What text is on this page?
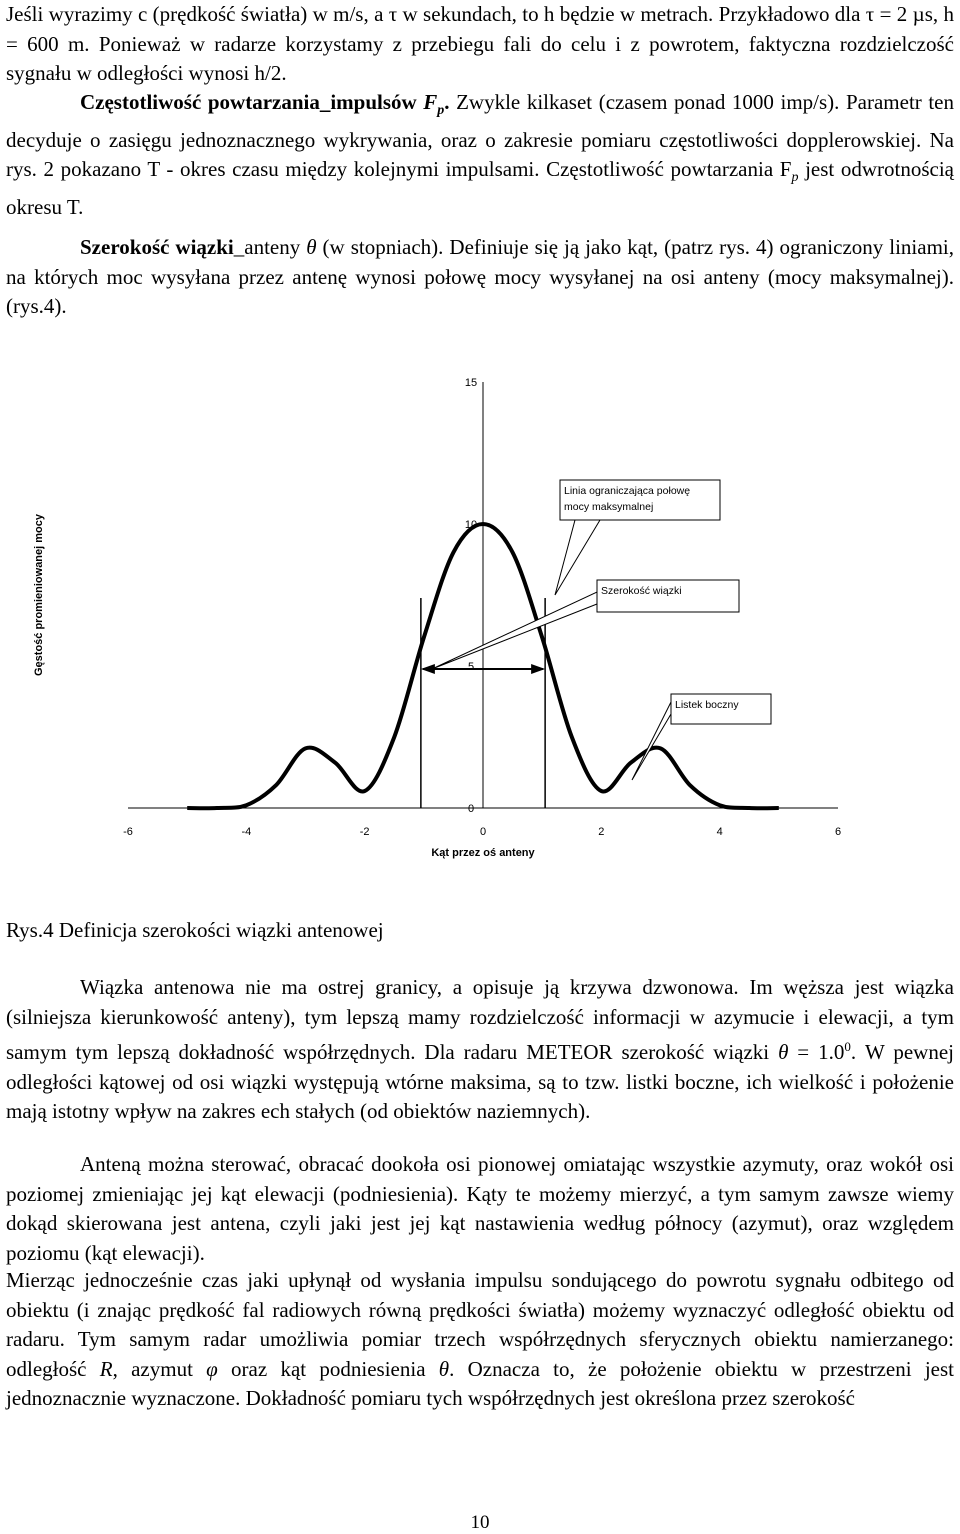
Jeśli wyrazimy c (prędkość światła) w m/s, a τ w sekundach, to h będzie w metrach. Przykładowo dla τ = 2 µs, h = 600 m. Ponieważ w radarze korzystamy z przebiegu fali do celu i z powrotem, faktyczna rozdzielczość sygnału w odległości wynosi h/2.
Częstotliwość powtarzania_impulsów $F_p$. Zwykle kilkaset (czasem ponad 1000 imp/s). Parametr ten decyduje o zasięgu jednoznacznego wykrywania, oraz o zakresie pomiaru częstotliwości dopplerowskiej. Na rys. 2 pokazano T - okres czasu między kolejnymi impulsami. Częstotliwość powtarzania $F_p$ jest odwrotnością okresu T.
Szerokość wiązki_anteny θ (w stopniach). Definiuje się ją jako kąt, (patrz rys. 4) ograniczony liniami, na których moc wysyłana przez antenę wynosi połowę mocy wysyłanej na osi anteny (mocy maksymalnej). (rys.4).
-6	-4	-2	0	2	4	6
0
5
10
15
Kąt przez oś anteny
Gęstość promieniowanej mocy
Linia ograniczająca połowę
mocy maksymalnej
Szerokość wiązki
Listek boczny
Rys.4 Definicja szerokości wiązki antenowej
Wiązka antenowa nie ma ostrej granicy, a opisuje ją krzywa dzwonowa. Im węższa jest wiązka (silniejsza kierunkowość anteny), tym lepszą mamy rozdzielczość informacji w azymucie i elewacji, a tym samym tym lepszą dokładność współrzędnych. Dla radaru METEOR szerokość wiązki $\theta = 1.0^0$. W pewnej odległości kątowej od osi wiązki występują wtórne maksima, są to tzw. listki boczne, ich wielkość i położenie mają istotny wpływ na zakres ech stałych (od obiektów naziemnych).
Anteną można sterować, obracać dookoła osi pionowej omiatając wszystkie azymuty, oraz wokół osi poziomej zmieniając jej kąt elewacji (podniesienia). Kąty te możemy mierzyć, a tym samym zawsze wiemy dokąd skierowana jest antena, czyli jaki jest jej kąt nastawienia według północy (azymut), oraz względem poziomu (kąt elewacji).
Mierząc jednocześnie czas jaki upłynął od wysłania impulsu sondującego do powrotu sygnału odbitego od obiektu (i znając prędkość fal radiowych równą prędkości światła) możemy wyznaczyć odległość obiektu od radaru. Tym samym radar umożliwia pomiar trzech współrzędnych sferycznych obiektu namierzanego: odległość R, azymut φ oraz kąt podniesienia θ. Oznacza to, że położenie obiektu w przestrzeni jest jednoznacznie wyznaczone. Dokładność pomiaru tych współrzędnych jest określona przez szerokość
10
